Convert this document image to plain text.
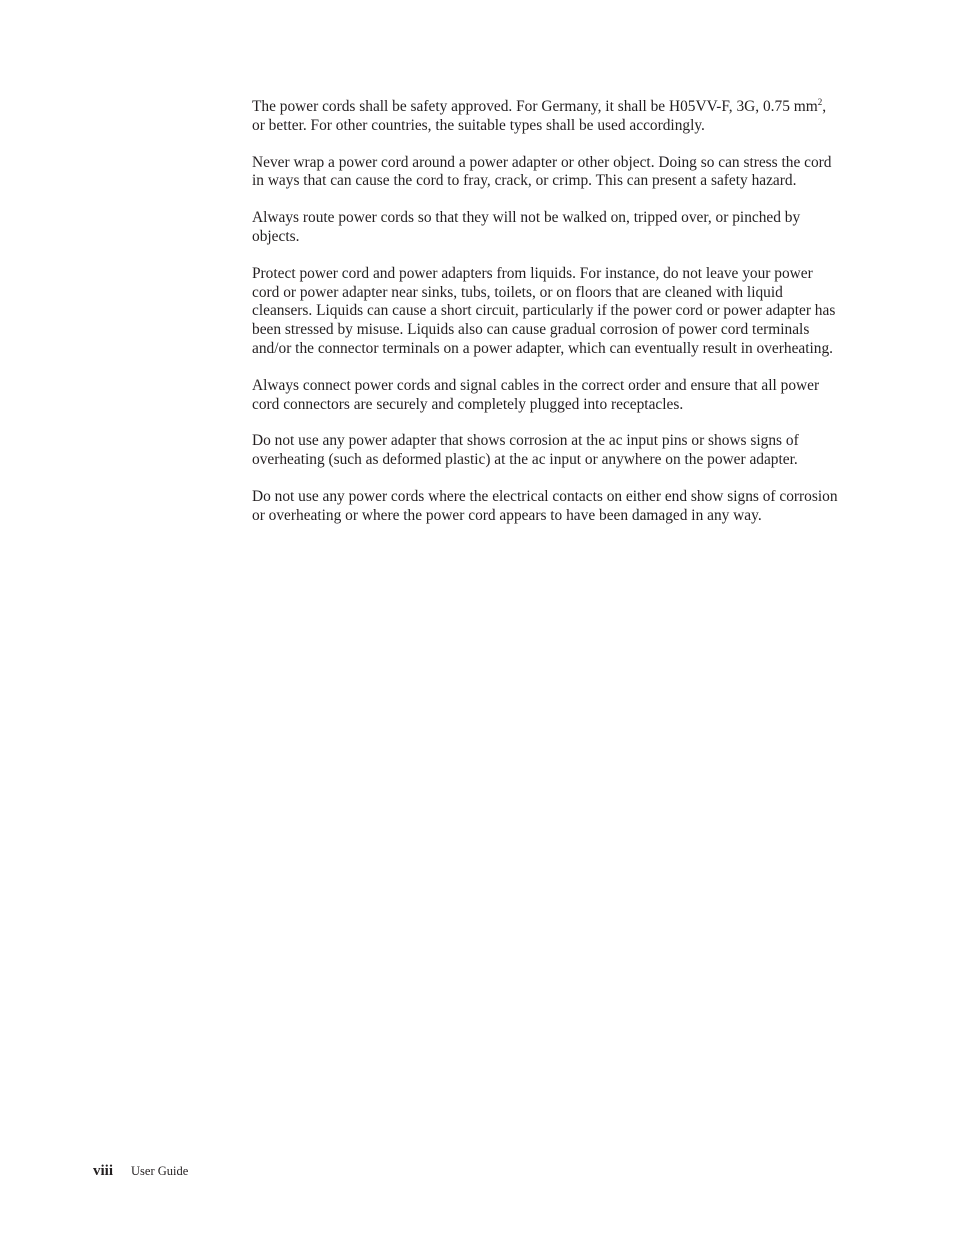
The power cords shall be safety approved. For Germany, it shall be H05VV-F, 3G, 0.75 $mm^2$, or better. For other countries, the suitable types shall be used accordingly.

Never wrap a power cord around a power adapter or other object. Doing so can stress the cord in ways that can cause the cord to fray, crack, or crimp. This can present a safety hazard.

Always route power cords so that they will not be walked on, tripped over, or pinched by objects.

Protect power cord and power adapters from liquids. For instance, do not leave your power cord or power adapter near sinks, tubs, toilets, or on floors that are cleaned with liquid cleansers. Liquids can cause a short circuit, particularly if the power cord or power adapter has been stressed by misuse. Liquids also can cause gradual corrosion of power cord terminals and/or the connector terminals on a power adapter, which can eventually result in overheating.

Always connect power cords and signal cables in the correct order and ensure that all power cord connectors are securely and completely plugged into receptacles.

Do not use any power adapter that shows corrosion at the ac input pins or shows signs of overheating (such as deformed plastic) at the ac input or anywhere on the power adapter.

Do not use any power cords where the electrical contacts on either end show signs of corrosion or overheating or where the power cord appears to have been damaged in any way.

viii User Guide
